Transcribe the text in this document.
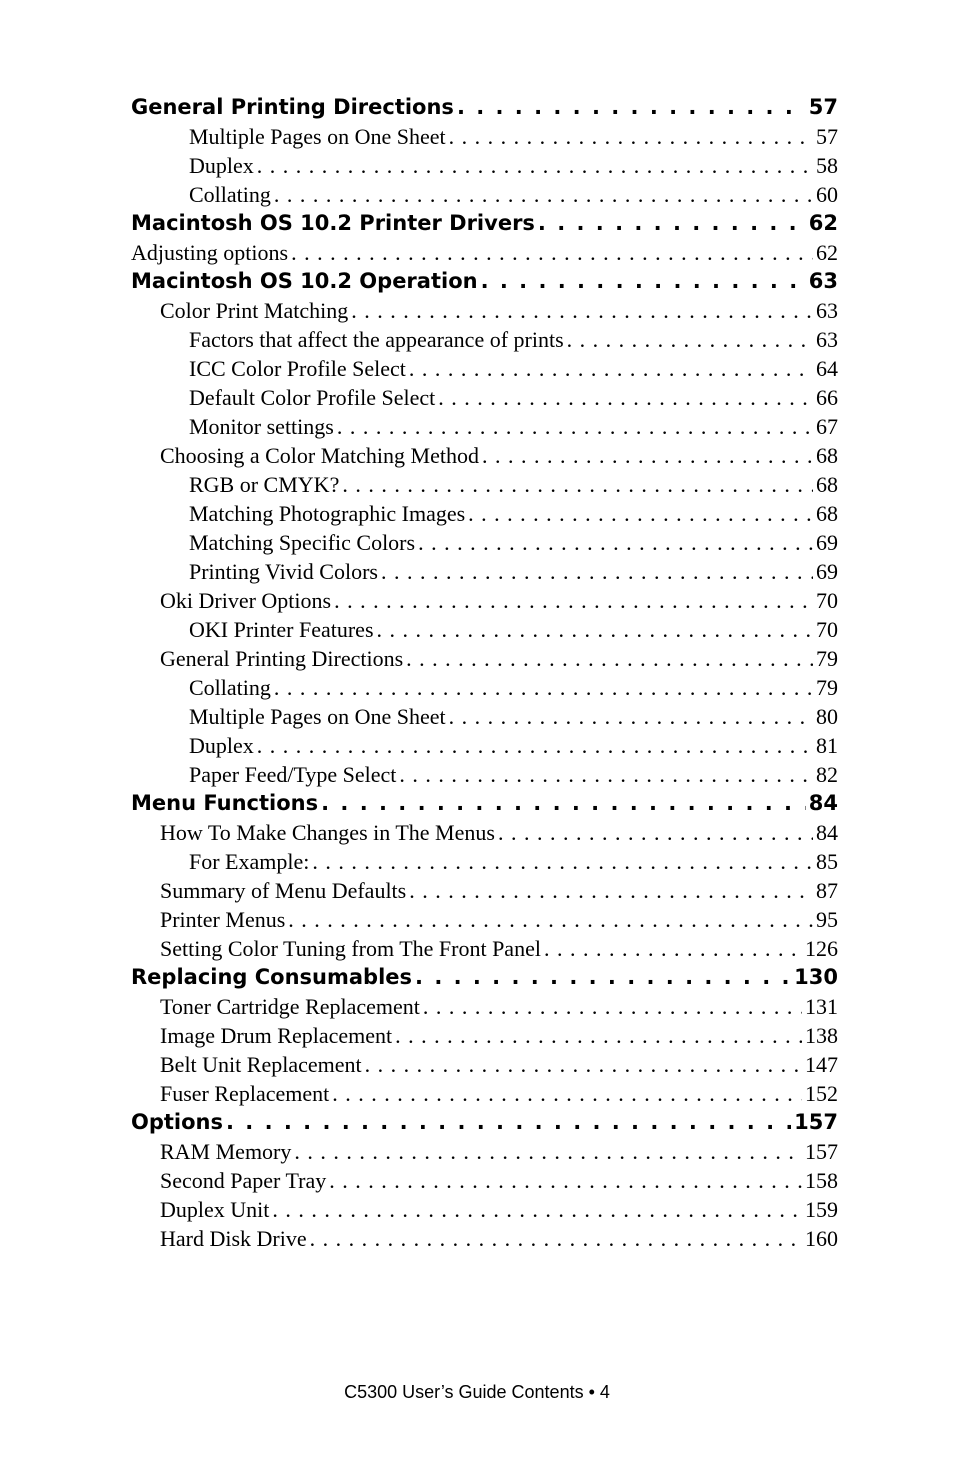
General Printing Directions . . .	57
Multiple Pages on One Sheet . . .	57
Duplex . . .	58
Collating . . .	60
Macintosh OS 10.2 Printer Drivers . . .	62
Adjusting options . . .	62
Macintosh OS 10.2 Operation . . .	63
Color Print Matching . . .	63
Factors that affect the appearance of prints . . .	63
ICC Color Profile Select . . .	64
Default Color Profile Select . . .	66
Monitor settings . . .	67
Choosing a Color Matching Method . . .	68
RGB or CMYK? . . .	68
Matching Photographic Images . . .	68
Matching Specific Colors . . .	69
Printing Vivid Colors . . .	69
Oki Driver Options . . .	70
OKI Printer Features . . .	70
General Printing Directions . . .	79
Collating . . .	79
Multiple Pages on One Sheet . . .	80
Duplex . . .	81
Paper Feed/Type Select . . .	82
Menu Functions . . .	84
How To Make Changes in The Menus . . .	84
For Example: . . .	85
Summary of Menu Defaults . . .	87
Printer Menus . . .	95
Setting Color Tuning from The Front Panel . . .	126
Replacing Consumables . . .	130
Toner Cartridge Replacement . . .	131
Image Drum Replacement . . .	138
Belt Unit Replacement . . .	147
Fuser Replacement . . .	152
Options . . .	157
RAM Memory . . .	157
Second Paper Tray . . .	158
Duplex Unit . . .	159
Hard Disk Drive . . .	160
C5300 User’s Guide Contents • 4
